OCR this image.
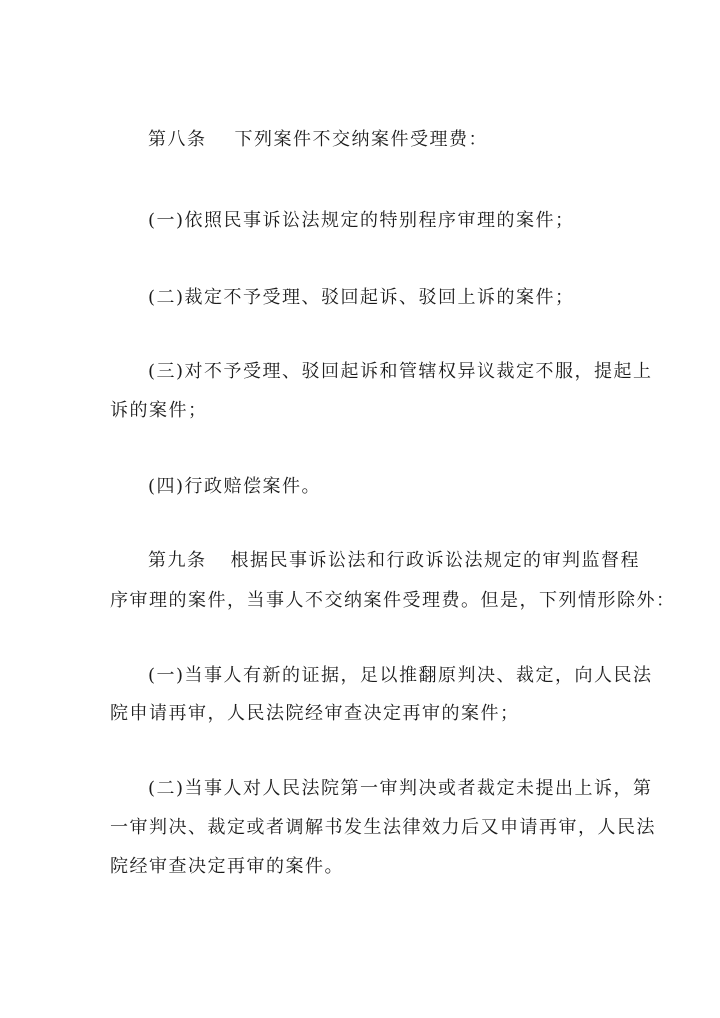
第八条 下列案件不交纳案件受理费：
(一)依照民事诉讼法规定的特别程序审理的案件；
(二)裁定不予受理、驳回起诉、驳回上诉的案件；
(三)对不予受理、驳回起诉和管辖权异议裁定不服，提起上
诉的案件；
(四)行政赔偿案件。
第九条 根据民事诉讼法和行政诉讼法规定的审判监督程
序审理的案件，当事人不交纳案件受理费。但是，下列情形除外：
(一)当事人有新的证据，足以推翻原判决、裁定，向人民法
院申请再审，人民法院经审查决定再审的案件；
(二)当事人对人民法院第一审判决或者裁定未提出上诉，第
一审判决、裁定或者调解书发生法律效力后又申请再审，人民法
院经审查决定再审的案件。
